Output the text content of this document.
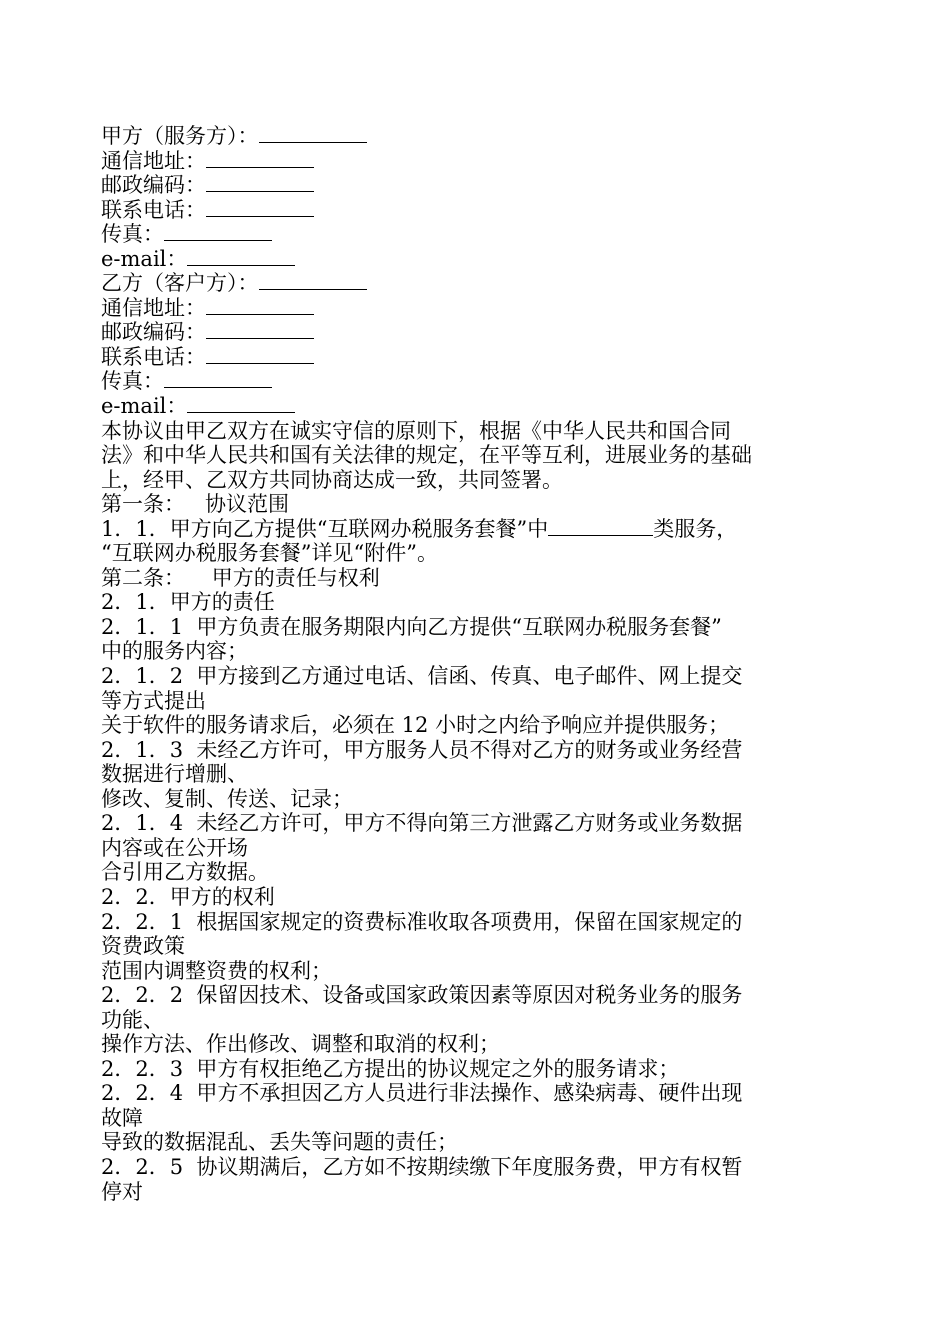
甲方（服务方）：
通信地址：
邮政编码：
联系电话：
传真：
e-mail：
乙方（客户方）：
通信地址：
邮政编码：
联系电话：
传真：
e-mail：
本协议由甲乙双方在诚实守信的原则下，根据《中华人民共和国合同
法》和中华人民共和国有关法律的规定，在平等互利，进展业务的基础
上，经甲、乙双方共同协商达成一致，共同签署。
第一条：   协议范围
1．1．甲方向乙方提供“互联网办税服务套餐”中	类服务，
“互联网办税服务套餐”详见“附件”。
第二条：    甲方的责任与权利
2．1．甲方的责任
2．1．1  甲方负责在服务期限内向乙方提供“互联网办税服务套餐”
中的服务内容；
2．1．2  甲方接到乙方通过电话、信函、传真、电子邮件、网上提交
等方式提出
关于软件的服务请求后，必须在 12 小时之内给予响应并提供服务；
2．1．3  未经乙方许可，甲方服务人员不得对乙方的财务或业务经营
数据进行增删、
修改、复制、传送、记录；
2．1．4  未经乙方许可，甲方不得向第三方泄露乙方财务或业务数据
内容或在公开场
合引用乙方数据。
2．2．甲方的权利
2．2．1  根据国家规定的资费标准收取各项费用，保留在国家规定的
资费政策
范围内调整资费的权利；
2．2．2  保留因技术、设备或国家政策因素等原因对税务业务的服务
功能、
操作方法、作出修改、调整和取消的权利；
2．2．3  甲方有权拒绝乙方提出的协议规定之外的服务请求；
2．2．4  甲方不承担因乙方人员进行非法操作、感染病毒、硬件出现
故障
导致的数据混乱、丢失等问题的责任；
2．2．5  协议期满后，乙方如不按期续缴下年度服务费，甲方有权暂
停对
